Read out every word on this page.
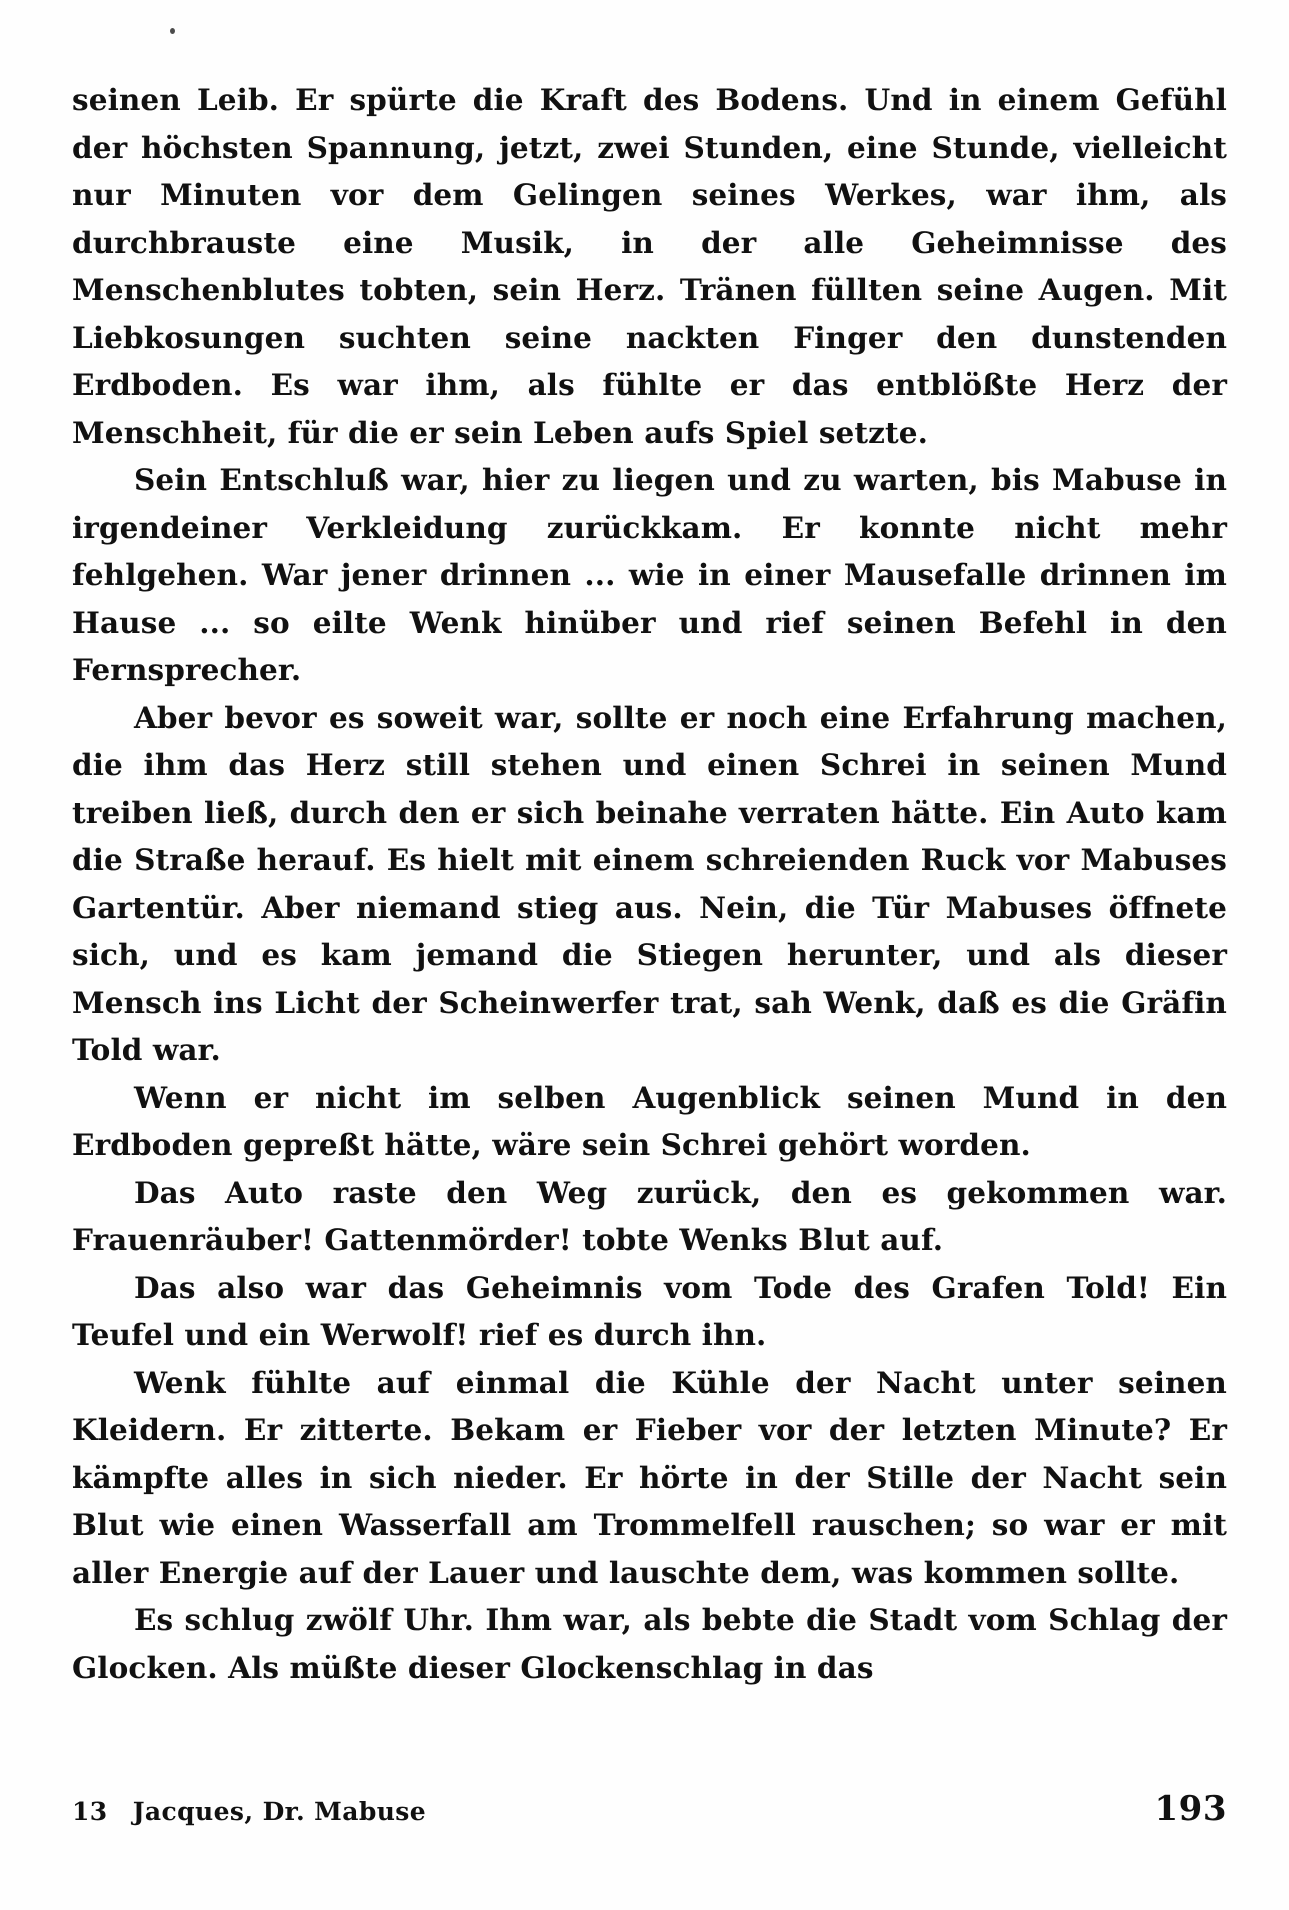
seinen Leib. Er spürte die Kraft des Bodens. Und in einem Gefühl der höchsten Spannung, jetzt, zwei Stunden, eine Stunde, vielleicht nur Minuten vor dem Gelingen seines Werkes, war ihm, als durchbrauste eine Musik, in der alle Geheimnisse des Menschenblutes tobten, sein Herz. Tränen füllten seine Augen. Mit Liebkosungen suchten seine nackten Finger den dunstenden Erdboden. Es war ihm, als fühlte er das entblößte Herz der Menschheit, für die er sein Leben aufs Spiel setzte.

Sein Entschluß war, hier zu liegen und zu warten, bis Mabuse in irgendeiner Verkleidung zurückkam. Er konnte nicht mehr fehlgehen. War jener drinnen ... wie in einer Mausefalle drinnen im Hause ... so eilte Wenk hinüber und rief seinen Befehl in den Fernsprecher.

Aber bevor es soweit war, sollte er noch eine Erfahrung machen, die ihm das Herz still stehen und einen Schrei in seinen Mund treiben ließ, durch den er sich beinahe verraten hätte. Ein Auto kam die Straße herauf. Es hielt mit einem schreienden Ruck vor Mabuses Gartentür. Aber niemand stieg aus. Nein, die Tür Mabuses öffnete sich, und es kam jemand die Stiegen herunter, und als dieser Mensch ins Licht der Scheinwerfer trat, sah Wenk, daß es die Gräfin Told war.

Wenn er nicht im selben Augenblick seinen Mund in den Erdboden gepreßt hätte, wäre sein Schrei gehört worden.

Das Auto raste den Weg zurück, den es gekommen war. Frauenräuber! Gattenmörder! tobte Wenks Blut auf.

Das also war das Geheimnis vom Tode des Grafen Told! Ein Teufel und ein Werwolf! rief es durch ihn.

Wenk fühlte auf einmal die Kühle der Nacht unter seinen Kleidern. Er zitterte. Bekam er Fieber vor der letzten Minute? Er kämpfte alles in sich nieder. Er hörte in der Stille der Nacht sein Blut wie einen Wasserfall am Trommelfell rauschen; so war er mit aller Energie auf der Lauer und lauschte dem, was kommen sollte.

Es schlug zwölf Uhr. Ihm war, als bebte die Stadt vom Schlag der Glocken. Als müßte dieser Glockenschlag in das

13 Jacques, Dr. Mabuse	193
